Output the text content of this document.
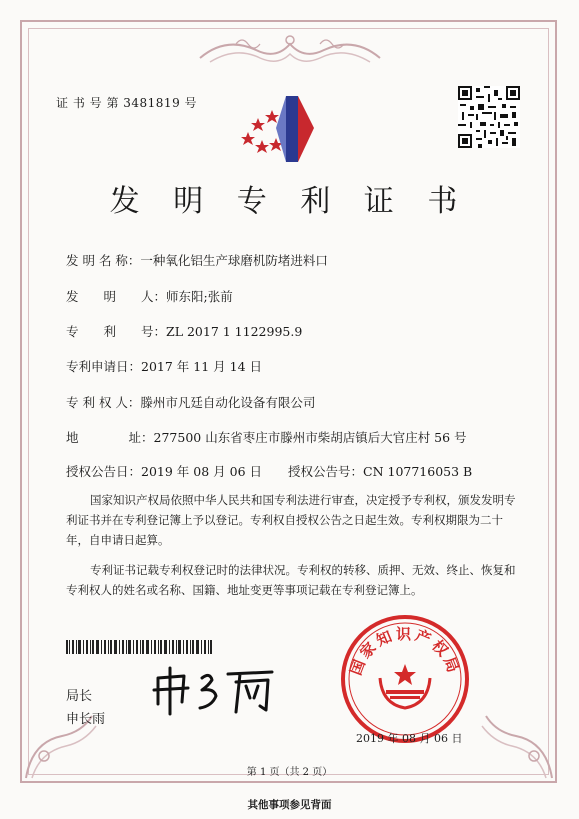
证 书 号 第 3481819 号
发 明 专 利 证 书
发 明 名 称：一种氧化铝生产球磨机防堵进料口
发　　明　　人：师东阳;张前
专　　利　　号：ZL 2017 1 1122995.9
专利申请日：2017 年 11 月 14 日
专 利 权 人：滕州市凡廷自动化设备有限公司
地　　　　址：277500 山东省枣庄市滕州市柴胡店镇后大官庄村 56 号
授权公告日：2019 年 08 月 06 日 授权公告号：CN 107716053 B
国家知识产权局依照中华人民共和国专利法进行审查，决定授予专利权，颁发发明专利证书并在专利登记簿上予以登记。专利权自授权公告之日起生效。专利权期限为二十年，自申请日起算。
专利证书记载专利权登记时的法律状况。专利权的转移、质押、无效、终止、恢复和专利权人的姓名或名称、国籍、地址变更等事项记载在专利登记簿上。
局长
申长雨
国家知识产权局
2019 年 08 月 06 日
第 1 页（共 2 页）
其他事项参见背面
